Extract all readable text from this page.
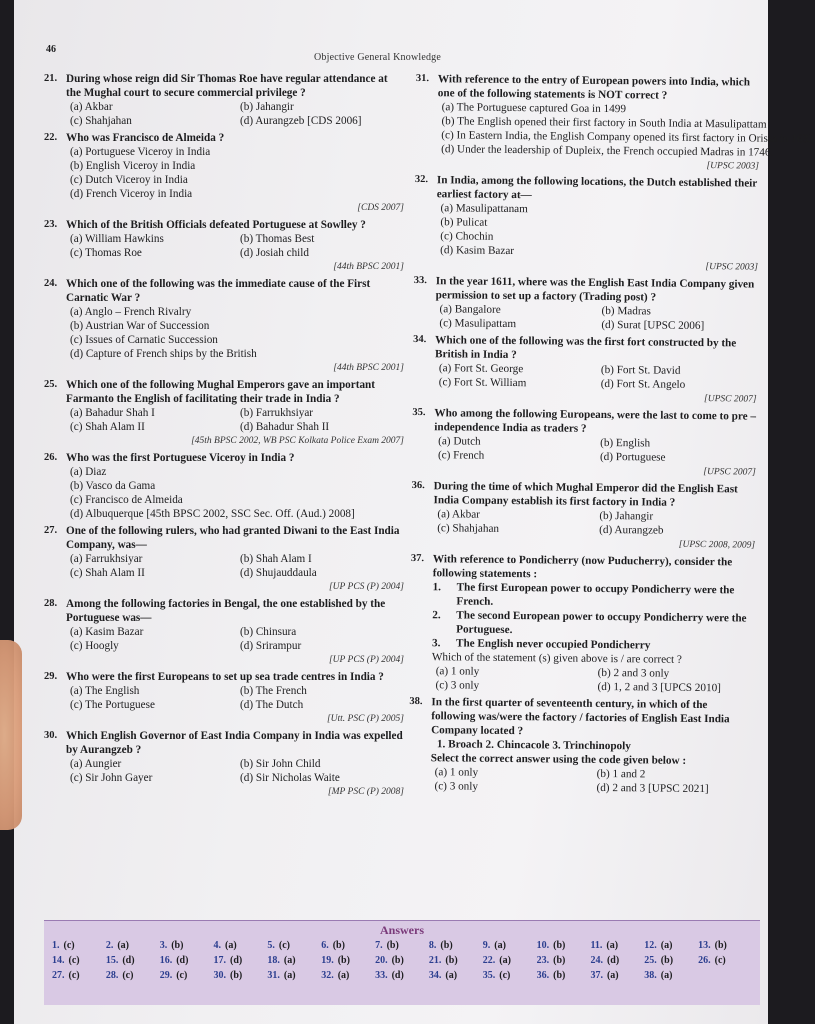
46
Objective General Knowledge
21. During whose reign did Sir Thomas Roe have regular attendance at the Mughal court to secure commercial privilege ?
(a) Akbar	(b) Jahangir
(c) Shahjahan	(d) Aurangzeb [CDS 2006]
22. Who was Francisco de Almeida ?
(a) Portuguese Viceroy in India
(b) English Viceroy in India
(c) Dutch Viceroy in India
(d) French Viceroy in India
[CDS 2007]
23. Which of the British Officials defeated Portuguese at Sowlley ?
(a) William Hawkins	(b) Thomas Best
(c) Thomas Roe	(d) Josiah child
[44th BPSC 2001]
24. Which one of the following was the immediate cause of the First Carnatic War ?
(a) Anglo – French Rivalry
(b) Austrian War of Succession
(c) Issues of Carnatic Succession
(d) Capture of French ships by the British
[44th BPSC 2001]
25. Which one of the following Mughal Emperors gave an important Farmanto the English of facilitating their trade in India ?
(a) Bahadur Shah I	(b) Farrukhsiyar
(c) Shah Alam II	(d) Bahadur Shah II
[45th BPSC 2002, WB PSC Kolkata Police Exam 2007]
26. Who was the first Portuguese Viceroy in India ?
(a) Diaz
(b) Vasco da Gama
(c) Francisco de Almeida
(d) Albuquerque [45th BPSC 2002, SSC Sec. Off. (Aud.) 2008]
27. One of the following rulers, who had granted Diwani to the East India Company, was—
(a) Farrukhsiyar	(b) Shah Alam I
(c) Shah Alam II	(d) Shujauddaula
[UP PCS (P) 2004]
28. Among the following factories in Bengal, the one established by the Portuguese was—
(a) Kasim Bazar	(b) Chinsura
(c) Hoogly	(d) Srirampur
[UP PCS (P) 2004]
29. Who were the first Europeans to set up sea trade centres in India ?
(a) The English	(b) The French
(c) The Portuguese	(d) The Dutch
[Utt. PSC (P) 2005]
30. Which English Governor of East India Company in India was expelled by Aurangzeb ?
(a) Aungier	(b) Sir John Child
(c) Sir John Gayer	(d) Sir Nicholas Waite
[MP PSC (P) 2008]
31. With reference to the entry of European powers into India, which one of the following statements is NOT correct ?
(a) The Portuguese captured Goa in 1499
(b) The English opened their first factory in South India at Masulipattam
(c) In Eastern India, the English Company opened its first factory in Orissa in 1633
(d) Under the leadership of Dupleix, the French occupied Madras in 1746.
[UPSC 2003]
32. In India, among the following locations, the Dutch established their earliest factory at—
(a) Masulipattanam
(b) Pulicat
(c) Chochin
(d) Kasim Bazar
[UPSC 2003]
33. In the year 1611, where was the English East India Company given permission to set up a factory (Trading post) ?
(a) Bangalore	(b) Madras
(c) Masulipattam	(d) Surat [UPSC 2006]
34. Which one of the following was the first fort constructed by the British in India ?
(a) Fort St. George	(b) Fort St. David
(c) Fort St. William	(d) Fort St. Angelo
[UPSC 2007]
35. Who among the following Europeans, were the last to come to pre – independence India as traders ?
(a) Dutch	(b) English
(c) French	(d) Portuguese
[UPSC 2007]
36. During the time of which Mughal Emperor did the English East India Company establish its first factory in India ?
(a) Akbar	(b) Jahangir
(c) Shahjahan	(d) Aurangzeb
[UPSC 2008, 2009]
37. With reference to Pondicherry (now Puducherry), consider the following statements :
1.	The first European power to occupy Pondicherry were the French.
2.	The second European power to occupy Pondicherry were the Portuguese.
3.	The English never occupied Pondicherry
Which of the statement (s) given above is / are correct ?
(a) 1 only	(b) 2 and 3 only
(c) 3 only	(d) 1, 2 and 3 [UPCS 2010]
38. In the first quarter of seventeenth century, in which of the following was/were the factory / factories of English East India Company located ?
1. Broach 2. Chincacole 3. Trinchinopoly
Select the correct answer using the code given below :
(a) 1 only	(b) 1 and 2
(c) 3 only	(d) 2 and 3 [UPSC 2021]
Answers
1. (c)	2. (a)	3. (b)	4. (a)	5. (c)	6. (b)	7. (b)	8. (b)	9. (a)	10. (b)	11. (a)	12. (a)	13. (b)
14. (c)	15. (d)	16. (d)	17. (d)	18. (a)	19. (b)	20. (b)	21. (b)	22. (a)	23. (b)	24. (d)	25. (b)	26. (c)
27. (c)	28. (c)	29. (c)	30. (b)	31. (a)	32. (a)	33. (d)	34. (a)	35. (c)	36. (b)	37. (a)	38. (a)
